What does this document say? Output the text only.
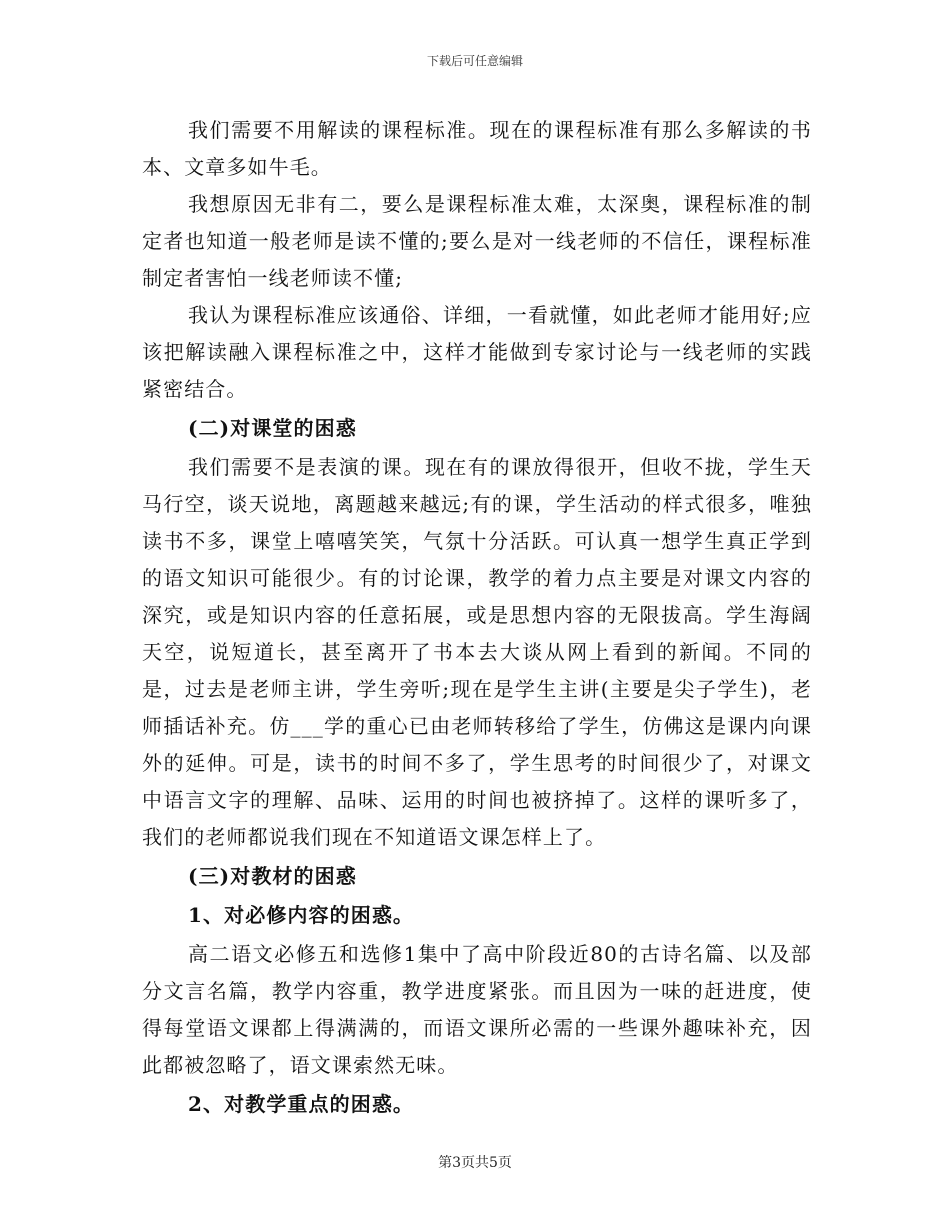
下载后可任意编辑

我们需要不用解读的课程标准。现在的课程标准有那么多解读的书本、文章多如牛毛。

我想原因无非有二，要么是课程标准太难，太深奥，课程标准的制定者也知道一般老师是读不懂的;要么是对一线老师的不信任，课程标准制定者害怕一线老师读不懂;

我认为课程标准应该通俗、详细，一看就懂，如此老师才能用好;应该把解读融入课程标准之中，这样才能做到专家讨论与一线老师的实践紧密结合。

(二)对课堂的困惑

我们需要不是表演的课。现在有的课放得很开，但收不拢，学生天马行空，谈天说地，离题越来越远;有的课，学生活动的样式很多，唯独读书不多，课堂上嘻嘻笑笑，气氛十分活跃。可认真一想学生真正学到的语文知识可能很少。有的讨论课，教学的着力点主要是对课文内容的深究，或是知识内容的任意拓展，或是思想内容的无限拔高。学生海阔天空，说短道长，甚至离开了书本去大谈从网上看到的新闻。不同的是，过去是老师主讲，学生旁听;现在是学生主讲(主要是尖子学生)，老师插话补充。仿___学的重心已由老师转移给了学生，仿佛这是课内向课外的延伸。可是，读书的时间不多了，学生思考的时间很少了，对课文中语言文字的理解、品味、运用的时间也被挤掉了。这样的课听多了，我们的老师都说我们现在不知道语文课怎样上了。

(三)对教材的困惑

1、对必修内容的困惑。

高二语文必修五和选修1集中了高中阶段近80的古诗名篇、以及部分文言名篇，教学内容重，教学进度紧张。而且因为一味的赶进度，使得每堂语文课都上得满满的，而语文课所必需的一些课外趣味补充，因此都被忽略了，语文课索然无味。

2、对教学重点的困惑。

第3页共5页
